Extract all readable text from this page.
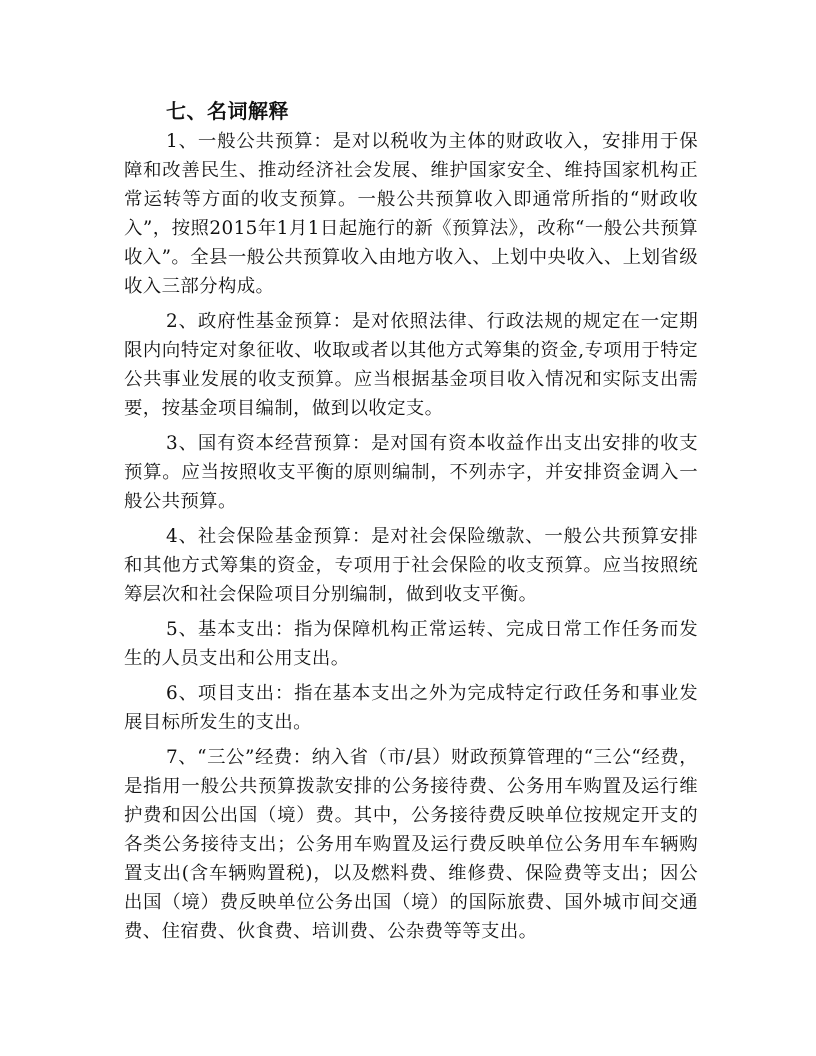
七、名词解释

1、一般公共预算：是对以税收为主体的财政收入，安排用于保障和改善民生、推动经济社会发展、维护国家安全、维持国家机构正常运转等方面的收支预算。一般公共预算收入即通常所指的“财政收入”，按照2015年1月1日起施行的新《预算法》，改称“一般公共预算收入”。全县一般公共预算收入由地方收入、上划中央收入、上划省级收入三部分构成。

2、政府性基金预算：是对依照法律、行政法规的规定在一定期限内向特定对象征收、收取或者以其他方式筹集的资金,专项用于特定公共事业发展的收支预算。应当根据基金项目收入情况和实际支出需要，按基金项目编制，做到以收定支。

3、国有资本经营预算：是对国有资本收益作出支出安排的收支预算。应当按照收支平衡的原则编制，不列赤字，并安排资金调入一般公共预算。

4、社会保险基金预算：是对社会保险缴款、一般公共预算安排和其他方式筹集的资金，专项用于社会保险的收支预算。应当按照统筹层次和社会保险项目分别编制，做到收支平衡。

5、基本支出：指为保障机构正常运转、完成日常工作任务而发生的人员支出和公用支出。

6、项目支出：指在基本支出之外为完成特定行政任务和事业发展目标所发生的支出。

7、“三公”经费：纳入省（市/县）财政预算管理的“三公“经费，是指用一般公共预算拨款安排的公务接待费、公务用车购置及运行维护费和因公出国（境）费。其中，公务接待费反映单位按规定开支的各类公务接待支出；公务用车购置及运行费反映单位公务用车车辆购置支出(含车辆购置税)，以及燃料费、维修费、保险费等支出；因公出国（境）费反映单位公务出国（境）的国际旅费、国外城市间交通费、住宿费、伙食费、培训费、公杂费等等支出。
